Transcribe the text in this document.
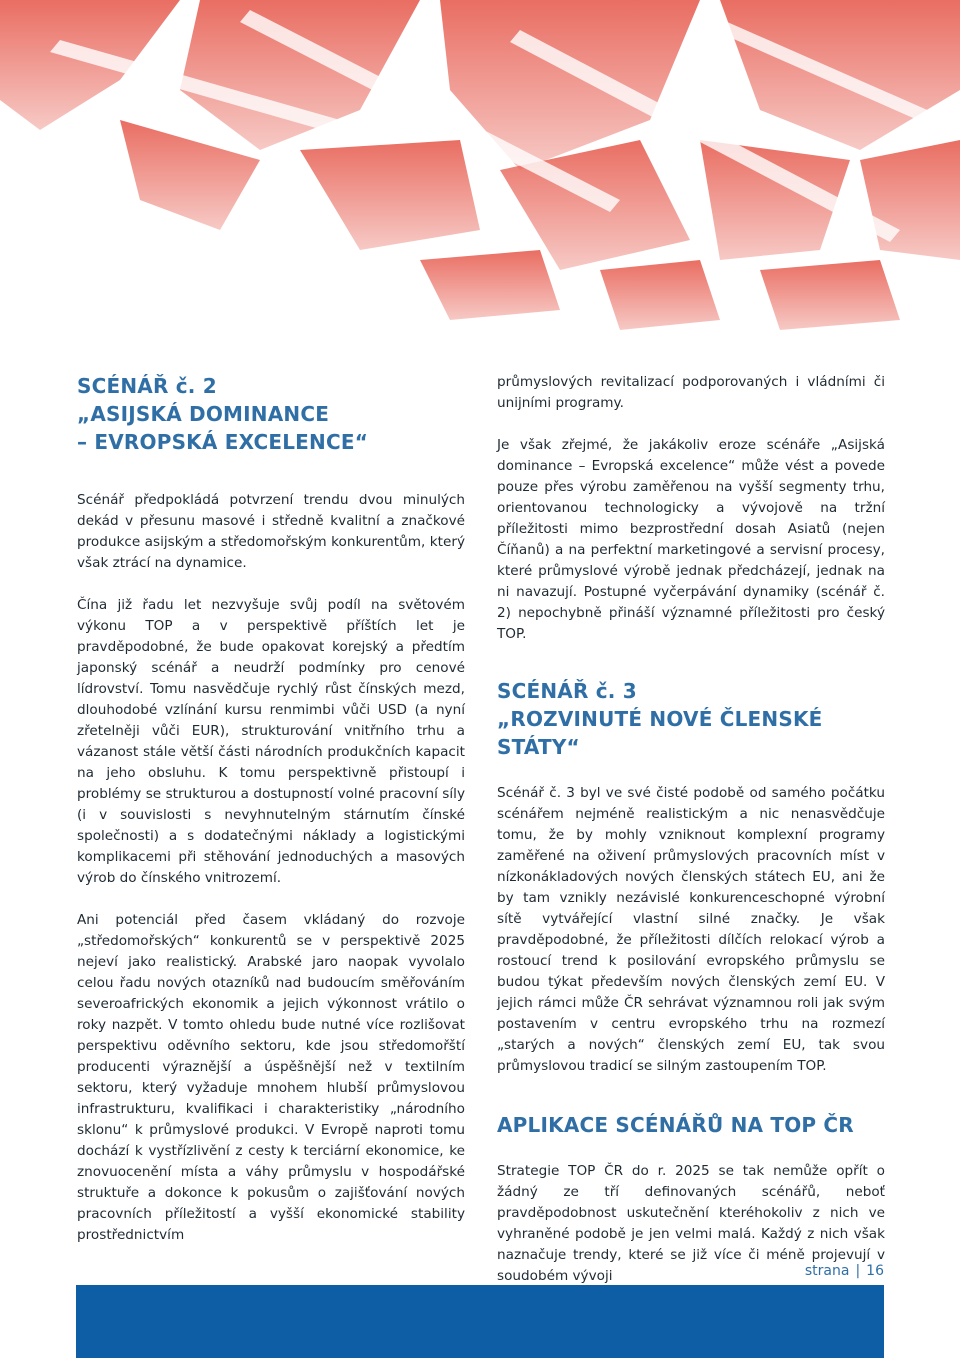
SCÉNÁŘ č. 2
„ASIJSKÁ DOMINANCE
– EVROPSKÁ EXCELENCE“

Scénář předpokládá potvrzení trendu dvou minulých dekád v přesunu masové i středně kvalitní a značkové produkce asijským a středomořským konkurentům, který však ztrácí na dynamice.

Čína již řadu let nezvyšuje svůj podíl na světovém výkonu TOP a v perspektivě příštích let je pravděpodobné, že bude opakovat korejský a předtím japonský scénář a neudrží podmínky pro cenové lídrovství. Tomu nasvědčuje rychlý růst čínských mezd, dlouhodobé vzlínání kursu renmimbi vůči USD (a nyní zřetelněji vůči EUR), strukturování vnitřního trhu a vázanost stále větší části národních produkčních kapacit na jeho obsluhu. K tomu perspektivně přistoupí i problémy se strukturou a dostupností volné pracovní síly (i v souvislosti s nevyhnutelným stárnutím čínské společnosti) a s dodatečnými náklady a logistickými komplikacemi při stěhování jednoduchých a masových výrob do čínského vnitrozemí.

Ani potenciál před časem vkládaný do rozvoje „středomořských“ konkurentů se v perspektivě 2025 nejeví jako realistický. Arabské jaro naopak vyvolalo celou řadu nových otazníků nad budoucím směřováním severoafrických ekonomik a jejich výkonnost vrátilo o roky nazpět. V tomto ohledu bude nutné více rozlišovat perspektivu oděvního sektoru, kde jsou středomořští producenti výraznější a úspěšnější než v textilním sektoru, který vyžaduje mnohem hlubší průmyslovou infrastrukturu, kvalifikaci i charakteristiky „národního sklonu“ k průmyslové produkci. V Evropě naproti tomu dochází k vystřízlivění z cesty k terciární ekonomice, ke znovuocenění místa a váhy průmyslu v hospodářské struktuře a dokonce k pokusům o zajišťování nových pracovních příležitostí a vyšší ekonomické stability prostřednictvím

průmyslových revitalizací podporovaných i vládními či unijními programy.

Je však zřejmé, že jakákoliv eroze scénáře „Asijská dominance – Evropská excelence“ může vést a povede pouze přes výrobu zaměřenou na vyšší segmenty trhu, orientovanou technologicky a vývojově na tržní příležitosti mimo bezprostřední dosah Asiatů (nejen Číňanů) a na perfektní marketingové a servisní procesy, které průmyslové výrobě jednak předcházejí, jednak na ni navazují. Postupné vyčerpávání dynamiky (scénář č. 2) nepochybně přináší významné příležitosti pro český TOP.

SCÉNÁŘ č. 3
„ROZVINUTÉ NOVÉ ČLENSKÉ STÁTY“

Scénář č. 3 byl ve své čisté podobě od samého počátku scénářem nejméně realistickým a nic nenasvědčuje tomu, že by mohly vzniknout komplexní programy zaměřené na oživení průmyslových pracovních míst v nízkonákladových nových členských státech EU, ani že by tam vznikly nezávislé konkurenceschopné výrobní sítě vytvářející vlastní silné značky. Je však pravděpodobné, že příležitosti dílčích relokací výrob a rostoucí trend k posilování evropského průmyslu se budou týkat především nových členských zemí EU. V jejich rámci může ČR sehrávat významnou roli jak svým postavením v centru evropského trhu na rozmezí „starých a nových“ členských zemí EU, tak svou průmyslovou tradicí se silným zastoupením TOP.

APLIKACE SCÉNÁŘŮ NA TOP ČR

Strategie TOP ČR do r. 2025 se tak nemůže opřít o žádný ze tří definovaných scénářů, neboť pravděpodobnost uskutečnění kteréhokoliv z nich ve vyhraněné podobě je jen velmi malá. Každý z nich však naznačuje trendy, které se již více či méně projevují v soudobém vývoji	strana | 16
